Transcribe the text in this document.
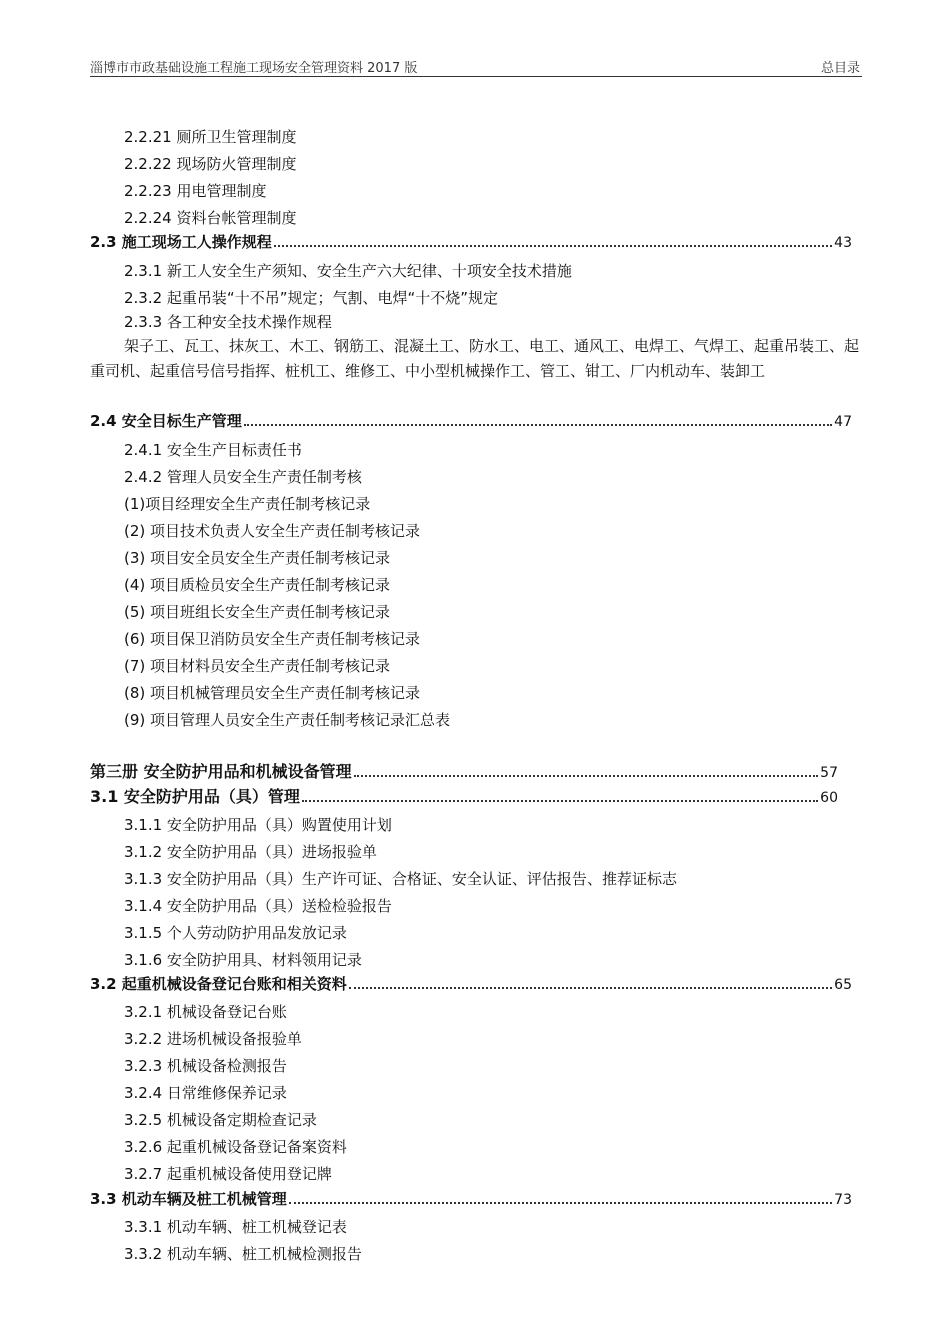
淄博市市政基础设施工程施工现场安全管理资料 2017 版	总目录
2.2.21 厕所卫生管理制度
2.2.22 现场防火管理制度
2.2.23 用电管理制度
2.2.24 资料台帐管理制度
2.3 施工现场工人操作规程	43
2.3.1 新工人安全生产须知、安全生产六大纪律、十项安全技术措施
2.3.2 起重吊装“十不吊”规定；气割、电焊“十不烧”规定
2.3.3 各工种安全技术操作规程
架子工、瓦工、抹灰工、木工、钢筋工、混凝土工、防水工、电工、通风工、电焊工、气焊工、起重吊装工、起重司机、起重信号信号指挥、桩机工、维修工、中小型机械操作工、管工、钳工、厂内机动车、装卸工
2.4 安全目标生产管理	47
2.4.1 安全生产目标责任书
2.4.2 管理人员安全生产责任制考核
(1)项目经理安全生产责任制考核记录
(2) 项目技术负责人安全生产责任制考核记录
(3) 项目安全员安全生产责任制考核记录
(4) 项目质检员安全生产责任制考核记录
(5) 项目班组长安全生产责任制考核记录
(6) 项目保卫消防员安全生产责任制考核记录
(7) 项目材料员安全生产责任制考核记录
(8) 项目机械管理员安全生产责任制考核记录
(9) 项目管理人员安全生产责任制考核记录汇总表
第三册 安全防护用品和机械设备管理	57
3.1 安全防护用品（具）管理	60
3.1.1 安全防护用品（具）购置使用计划
3.1.2 安全防护用品（具）进场报验单
3.1.3 安全防护用品（具）生产许可证、合格证、安全认证、评估报告、推荐证标志
3.1.4 安全防护用品（具）送检检验报告
3.1.5 个人劳动防护用品发放记录
3.1.6 安全防护用具、材料领用记录
3.2 起重机械设备登记台账和相关资料	65
3.2.1 机械设备登记台账
3.2.2 进场机械设备报验单
3.2.3 机械设备检测报告
3.2.4 日常维修保养记录
3.2.5 机械设备定期检查记录
3.2.6 起重机械设备登记备案资料
3.2.7 起重机械设备使用登记牌
3.3 机动车辆及桩工机械管理	73
3.3.1 机动车辆、桩工机械登记表
3.3.2 机动车辆、桩工机械检测报告
